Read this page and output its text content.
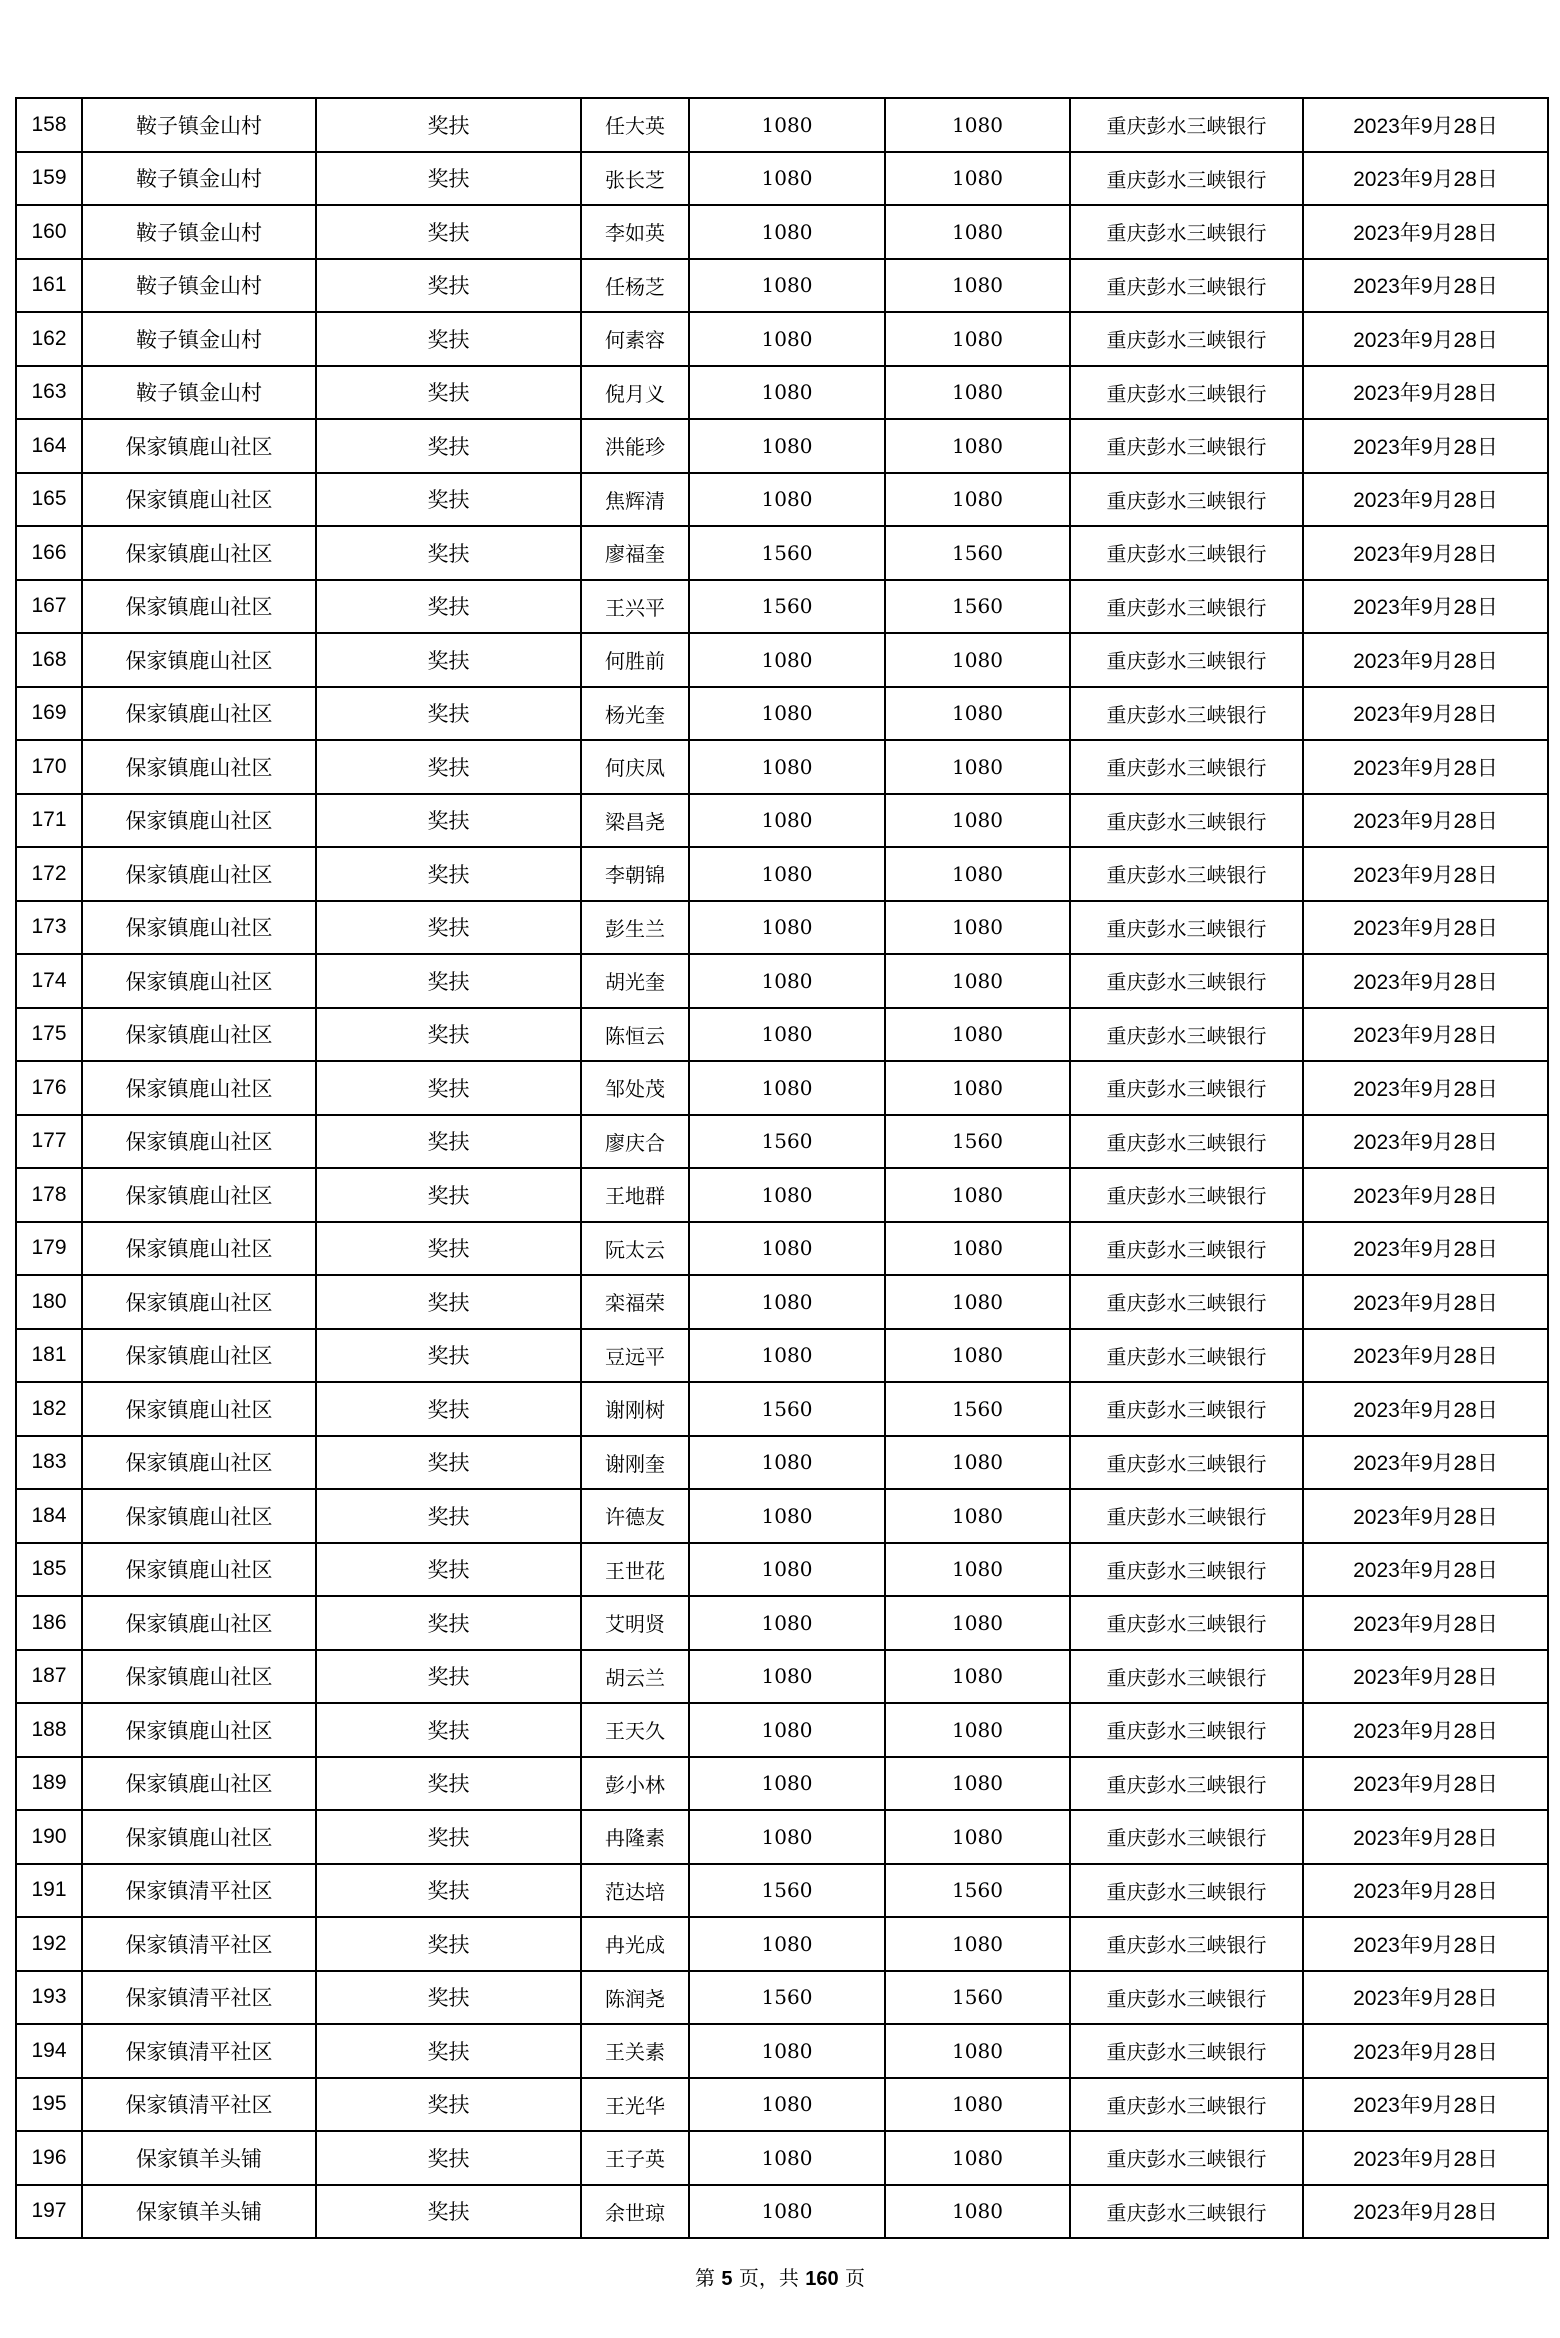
158	鞍子镇金山村	奖扶	任大英	1080	1080	重庆彭水三峡银行	2023年9月28日
159	鞍子镇金山村	奖扶	张长芝	1080	1080	重庆彭水三峡银行	2023年9月28日
160	鞍子镇金山村	奖扶	李如英	1080	1080	重庆彭水三峡银行	2023年9月28日
161	鞍子镇金山村	奖扶	任杨芝	1080	1080	重庆彭水三峡银行	2023年9月28日
162	鞍子镇金山村	奖扶	何素容	1080	1080	重庆彭水三峡银行	2023年9月28日
163	鞍子镇金山村	奖扶	倪月义	1080	1080	重庆彭水三峡银行	2023年9月28日
164	保家镇鹿山社区	奖扶	洪能珍	1080	1080	重庆彭水三峡银行	2023年9月28日
165	保家镇鹿山社区	奖扶	焦辉清	1080	1080	重庆彭水三峡银行	2023年9月28日
166	保家镇鹿山社区	奖扶	廖福奎	1560	1560	重庆彭水三峡银行	2023年9月28日
167	保家镇鹿山社区	奖扶	王兴平	1560	1560	重庆彭水三峡银行	2023年9月28日
168	保家镇鹿山社区	奖扶	何胜前	1080	1080	重庆彭水三峡银行	2023年9月28日
169	保家镇鹿山社区	奖扶	杨光奎	1080	1080	重庆彭水三峡银行	2023年9月28日
170	保家镇鹿山社区	奖扶	何庆凤	1080	1080	重庆彭水三峡银行	2023年9月28日
171	保家镇鹿山社区	奖扶	梁昌尧	1080	1080	重庆彭水三峡银行	2023年9月28日
172	保家镇鹿山社区	奖扶	李朝锦	1080	1080	重庆彭水三峡银行	2023年9月28日
173	保家镇鹿山社区	奖扶	彭生兰	1080	1080	重庆彭水三峡银行	2023年9月28日
174	保家镇鹿山社区	奖扶	胡光奎	1080	1080	重庆彭水三峡银行	2023年9月28日
175	保家镇鹿山社区	奖扶	陈恒云	1080	1080	重庆彭水三峡银行	2023年9月28日
176	保家镇鹿山社区	奖扶	邹处茂	1080	1080	重庆彭水三峡银行	2023年9月28日
177	保家镇鹿山社区	奖扶	廖庆合	1560	1560	重庆彭水三峡银行	2023年9月28日
178	保家镇鹿山社区	奖扶	王地群	1080	1080	重庆彭水三峡银行	2023年9月28日
179	保家镇鹿山社区	奖扶	阮太云	1080	1080	重庆彭水三峡银行	2023年9月28日
180	保家镇鹿山社区	奖扶	栾福荣	1080	1080	重庆彭水三峡银行	2023年9月28日
181	保家镇鹿山社区	奖扶	豆远平	1080	1080	重庆彭水三峡银行	2023年9月28日
182	保家镇鹿山社区	奖扶	谢刚树	1560	1560	重庆彭水三峡银行	2023年9月28日
183	保家镇鹿山社区	奖扶	谢刚奎	1080	1080	重庆彭水三峡银行	2023年9月28日
184	保家镇鹿山社区	奖扶	许德友	1080	1080	重庆彭水三峡银行	2023年9月28日
185	保家镇鹿山社区	奖扶	王世花	1080	1080	重庆彭水三峡银行	2023年9月28日
186	保家镇鹿山社区	奖扶	艾明贤	1080	1080	重庆彭水三峡银行	2023年9月28日
187	保家镇鹿山社区	奖扶	胡云兰	1080	1080	重庆彭水三峡银行	2023年9月28日
188	保家镇鹿山社区	奖扶	王天久	1080	1080	重庆彭水三峡银行	2023年9月28日
189	保家镇鹿山社区	奖扶	彭小林	1080	1080	重庆彭水三峡银行	2023年9月28日
190	保家镇鹿山社区	奖扶	冉隆素	1080	1080	重庆彭水三峡银行	2023年9月28日
191	保家镇清平社区	奖扶	范达培	1560	1560	重庆彭水三峡银行	2023年9月28日
192	保家镇清平社区	奖扶	冉光成	1080	1080	重庆彭水三峡银行	2023年9月28日
193	保家镇清平社区	奖扶	陈润尧	1560	1560	重庆彭水三峡银行	2023年9月28日
194	保家镇清平社区	奖扶	王关素	1080	1080	重庆彭水三峡银行	2023年9月28日
195	保家镇清平社区	奖扶	王光华	1080	1080	重庆彭水三峡银行	2023年9月28日
196	保家镇羊头铺	奖扶	王子英	1080	1080	重庆彭水三峡银行	2023年9月28日
197	保家镇羊头铺	奖扶	余世琼	1080	1080	重庆彭水三峡银行	2023年9月28日
第 5 页，共 160 页
